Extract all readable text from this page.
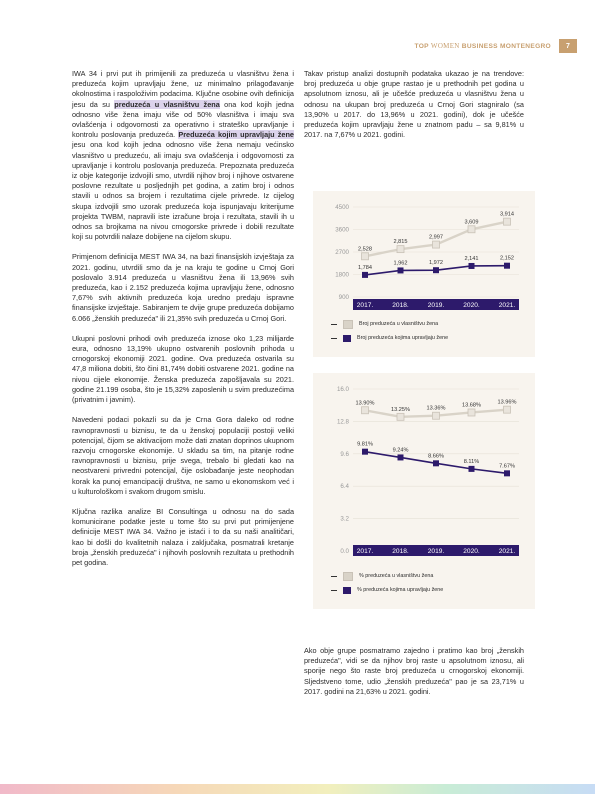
TOP WOMEN BUSINESS MONTENEGRO	7

IWA 34 i prvi put ih primijenili za preduzeća u vlasništvu žena i preduzeća kojim upravljaju žene, uz minimalno prilagođavanje okolnostima i raspoloživim podacima. Ključne osobine ovih definicija jesu da su preduzeća u vlasništvu žena ona kod kojih jedna odnosno više žena imaju više od 50% vlasništva i imaju sva ovlašćenja i odgovornosti za operativno i strateško upravljanje i kontrolu poslovanja preduzeća. Preduzeća kojim upravljaju žene jesu ona kod kojih jedna odnosno više žena nemaju većinsko vlasništvo u preduzeću, ali imaju sva ovlašćenja i odgovornosti za upravljanje i kontrolu poslovanja preduzeća. Prepoznata preduzeća iz obje kategorije izdvojili smo, utvrdili njihov broj i njihove ostvarene poslovne rezultate u posljednjih pet godina, a zatim broj i odnos stavili u odnos sa brojem i rezultatima cijele privrede. Iz cijelog skupa izdvojili smo uzorak preduzeća koja ispunjavaju kriterijume projekta TWBM, napravili iste izračune broja i rezultata, stavili ih u odnos sa brojkama na nivou crnogorske privrede i dobili rezultate koji su potvrdili nalaze dobijene na cijelom skupu.

Primjenom definicija MEST IWA 34, na bazi finansijskih izvještaja za 2021. godinu, utvrdili smo da je na kraju te godine u Crnoj Gori poslovalo 3.914 preduzeća u vlasništvu žena ili 13,96% svih preduzeća, kao i 2.152 preduzeća kojima upravljaju žene, odnosno 7,67% svih aktivnih preduzeća koja uredno predaju ispravne finansijske izvještaje. Sabiranjem te dvije grupe preduzeća dobijamo 6.066 „ženskih preduzeća" ili 21,35% svih preduzeća u Crnoj Gori.

Ukupni poslovni prihodi ovih preduzeća iznose oko 1,23 milijarde eura, odnosno 13,19% ukupno ostvarenih poslovnih prihoda u crnogorskoj ekonomiji 2021. godine. Ova preduzeća ostvarila su 47,8 miliona dobiti, što čini 81,74% dobiti ostvarene 2021. godine na nivou cijele ekonomije. Ženska preduzeća zapošljavala su 2021. godine 21.199 osoba, što je 15,32% zaposlenih u svim preduzećima (privatnim i javnim).

Navedeni podaci pokazli su da je Crna Gora daleko od rodne ravnopravnosti u biznisu, te da u ženskoj populaciji postoji veliki potencijal, čijom se aktivacijom može dati znatan doprinos ukupnom razvoju crnogorske ekonomije. U skladu sa tim, na pitanje rodne ravnopravnosti u biznisu, prije svega, trebalo bi gledati kao na neostvareni privredni potencijal, čije oslobađanje jeste neophodan korak ka punoj emancipaciji društva, ne samo u ekonomskom već i u kulturološkom i svakom drugom smislu.

Ključna razlika analize BI Consultinga u odnosu na do sada komunicirane podatke jeste u tome što su prvi put primijenjene definicije MEST IWA 34. Važno je istaći i to da su naši analitičari, kao bi došli do kvalitetnih nalaza i zaključaka, posmatrali kretanje broja „ženskih preduzeća" i njihovih poslovnih rezultata u prethodnih pet godina.

Takav pristup analizi dostupnih podataka ukazao je na trendove: broj preduzeća u obje grupe rastao je u prethodnih pet godina u apsolutnom iznosu, ali je učešće preduzeća u vlasništvu žena u odnosu na ukupan broj preduzeća u Crnoj Gori stagniralo (sa 13,90% u 2017. do 13,96% u 2021. godini), dok je učešće preduzeća kojim upravljaju žene u znatnom padu – sa 9,81% u 2017. na 7,67% u 2021. godini.

4500
3600
2700
1800
900
2017.	2018.	2019.	2020.	2021.
2,528
2,815
2,997
3,609
3,914
1,784
1,962	1,972
2,141	2,152
Broj preduzeća u vlasništvu žena
Broj preduzeća kojima upravljaju žene
16.0
12.8
9.6
6.4
3.2
0.0 2017.	2018.	2019.	2020.	2021.
13.90%
13.25%	13.36%
13.68%	13.96%
9.81%
9.24%
8.66%
8.11%
7.67%
% preduzeća u vlasništvu žena
% preduzeća kojima upravljaju žene

Ako obje grupe posmatramo zajedno i pratimo kao broj „ženskih preduzeća", vidi se da njihov broj raste u apsolutnom iznosu, ali sporije nego što raste broj preduzeća u crnogorskoj ekonomiji. Sljedstveno tome, udio „ženskih preduzeća" pao je sa 23,71% u 2017. godini na 21,63% u 2021. godini.
